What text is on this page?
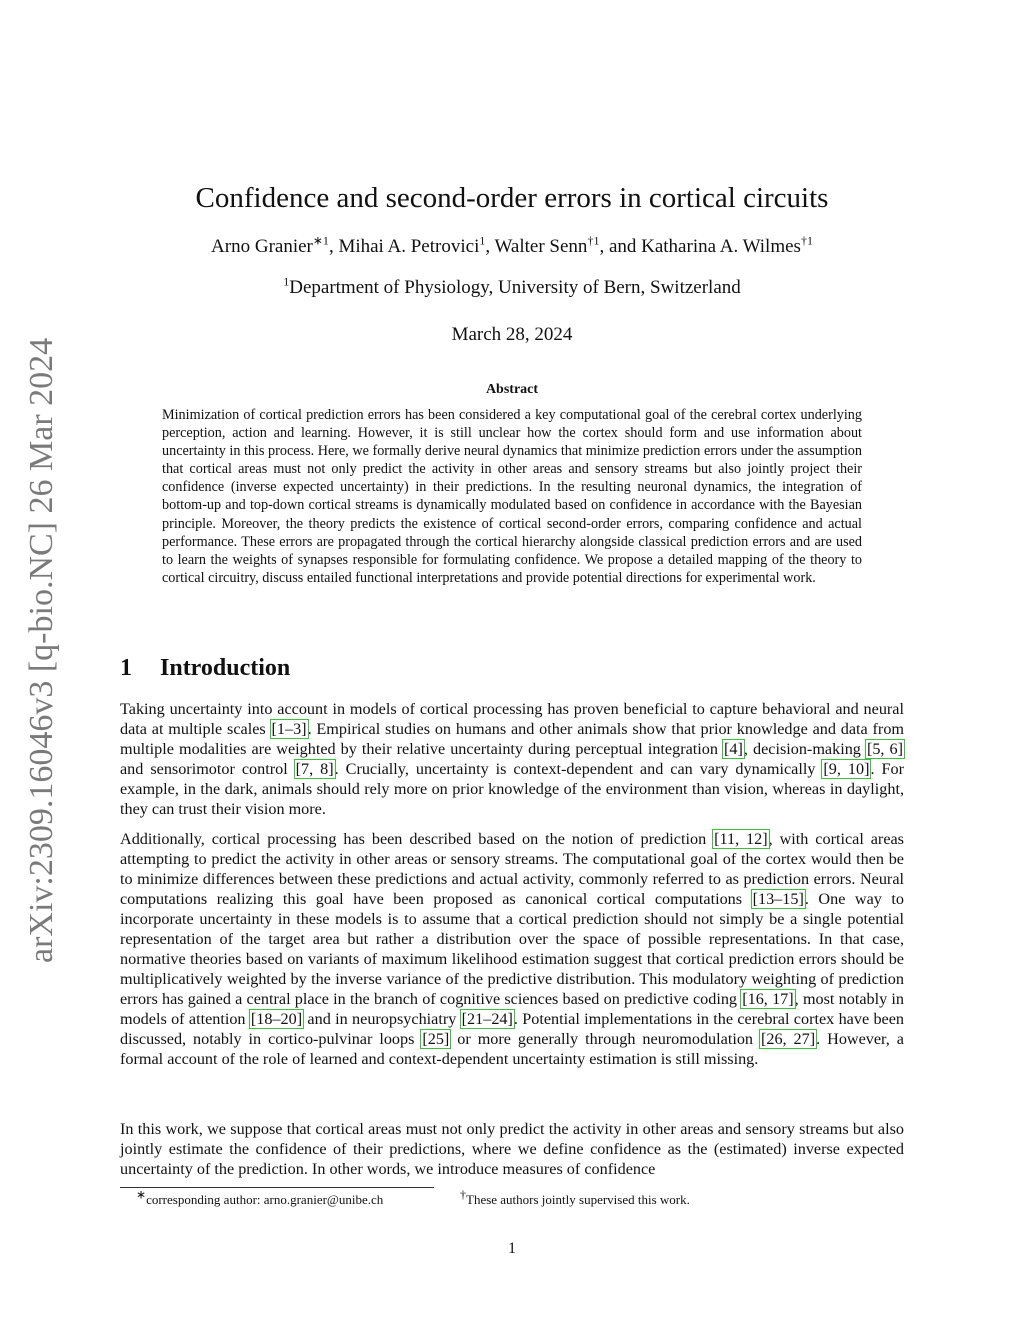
arXiv:2309.16046v3 [q-bio.NC] 26 Mar 2024
Confidence and second-order errors in cortical circuits
Arno Granier$^{∗1}$, Mihai A. Petrovici$^1$, Walter Senn$^{\dagger 1}$, and Katharina A. Wilmes$^{\dagger 1}$
$^1$Department of Physiology, University of Bern, Switzerland
March 28, 2024
Abstract

Minimization of cortical prediction errors has been considered a key computational goal of the cerebral cortex underlying perception, action and learning. However, it is still unclear how the cortex should form and use information about uncertainty in this process. Here, we formally derive neural dynamics that minimize prediction errors under the assumption that cortical areas must not only predict the activity in other areas and sensory streams but also jointly project their confidence (inverse expected uncertainty) in their predictions. In the resulting neuronal dynamics, the integration of bottom-up and top-down cortical streams is dynamically modulated based on confidence in accordance with the Bayesian principle. Moreover, the theory predicts the existence of cortical second-order errors, comparing confidence and actual performance. These errors are propagated through the cortical hierarchy alongside classical prediction errors and are used to learn the weights of synapses responsible for formulating confidence. We propose a detailed mapping of the theory to cortical circuitry, discuss entailed functional interpretations and provide potential directions for experimental work.

1 Introduction

Taking uncertainty into account in models of cortical processing has proven beneficial to capture behavioral and neural data at multiple scales [1–3]. Empirical studies on humans and other animals show that prior knowledge and data from multiple modalities are weighted by their relative uncertainty during perceptual integration [4], decision-making [5, 6] and sensorimotor control [7, 8]. Crucially, uncertainty is context-dependent and can vary dynamically [9, 10]. For example, in the dark, animals should rely more on prior knowledge of the environment than vision, whereas in daylight, they can trust their vision more.

Additionally, cortical processing has been described based on the notion of prediction [11, 12], with cortical areas attempting to predict the activity in other areas or sensory streams. The computational goal of the cortex would then be to minimize differences between these predictions and actual activity, commonly referred to as prediction errors. Neural computations realizing this goal have been proposed as canonical cortical computations [13–15]. One way to incorporate uncertainty in these models is to assume that a cortical prediction should not simply be a single potential representation of the target area but rather a distribution over the space of possible representations. In that case, normative theories based on variants of maximum likelihood estimation suggest that cortical prediction errors should be multiplicatively weighted by the inverse variance of the predictive distribution. This modulatory weighting of prediction errors has gained a central place in the branch of cognitive sciences based on predictive coding [16, 17], most notably in models of attention [18–20] and in neuropsychiatry [21–24]. Potential implementations in the cerebral cortex have been discussed, notably in cortico-pulvinar loops [25] or more generally through neuromodulation [26, 27]. However, a formal account of the role of learned and context-dependent uncertainty estimation is still missing.

In this work, we suppose that cortical areas must not only predict the activity in other areas and sensory streams but also jointly estimate the confidence of their predictions, where we define confidence as the (estimated) inverse expected uncertainty of the prediction. In other words, we introduce measures of confidence

∗corresponding author: arno.granier@unibe.ch	†These authors jointly supervised this work.
1
